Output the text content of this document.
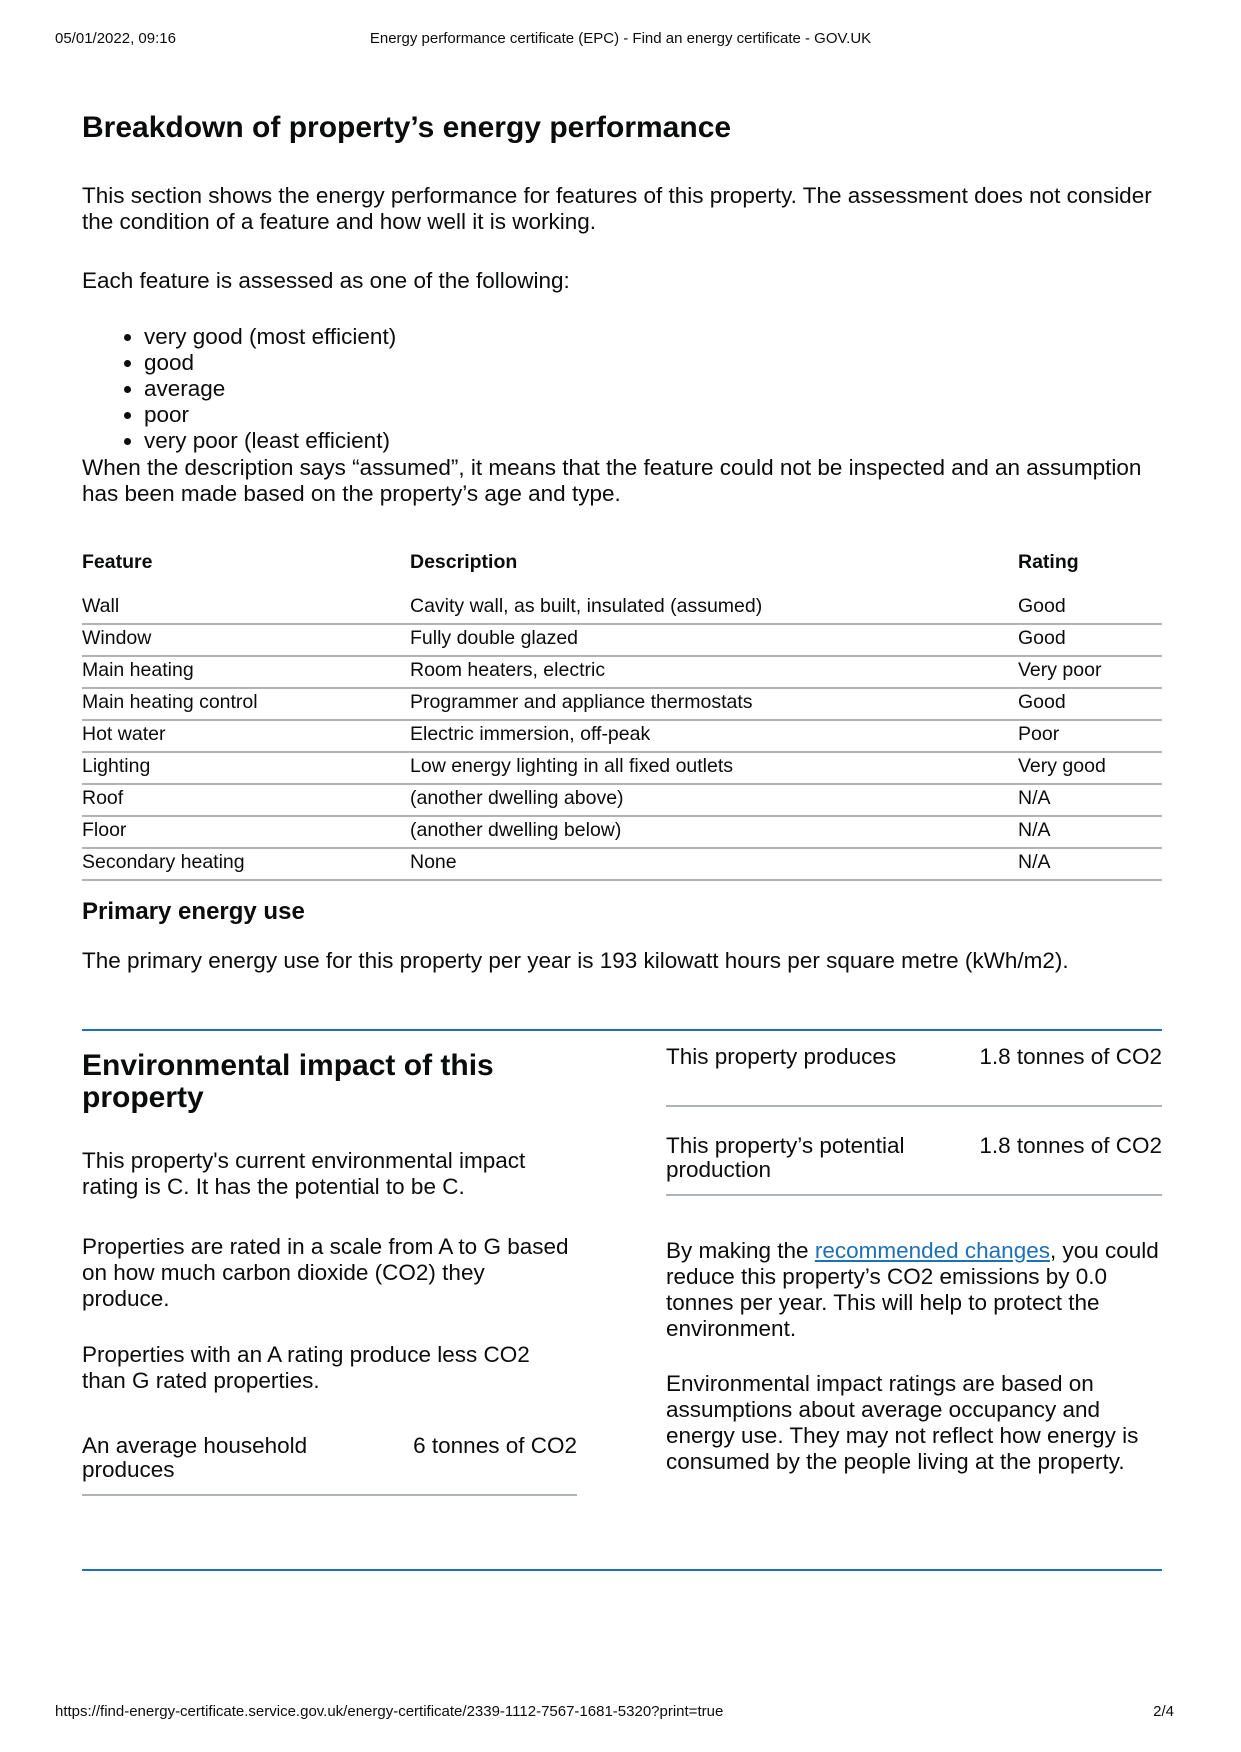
05/01/2022, 09:16	Energy performance certificate (EPC) - Find an energy certificate - GOV.UK
Breakdown of property’s energy performance

This section shows the energy performance for features of this property. The assessment does not consider the condition of a feature and how well it is working.

Each feature is assessed as one of the following:

• very good (most efficient)
• good
• average
• poor
• very poor (least efficient)

When the description says “assumed”, it means that the feature could not be inspected and an assumption has been made based on the property’s age and type.

Feature	Description	Rating
Wall	Cavity wall, as built, insulated (assumed)	Good
Window	Fully double glazed	Good
Main heating	Room heaters, electric	Very poor
Main heating control	Programmer and appliance thermostats	Good
Hot water	Electric immersion, off-peak	Poor
Lighting	Low energy lighting in all fixed outlets	Very good
Roof	(another dwelling above)	N/A
Floor	(another dwelling below)	N/A
Secondary heating	None	N/A
Primary energy use

The primary energy use for this property per year is 193 kilowatt hours per square metre (kWh/m2).

Environmental impact of this property

This property's current environmental impact rating is C. It has the potential to be C.

Properties are rated in a scale from A to G based on how much carbon dioxide (CO2) they produce.

Properties with an A rating produce less CO2 than G rated properties.

An average household produces
6 tonnes of CO2
This property produces	1.8 tonnes of CO2
This property’s potential production
1.8 tonnes of CO2

By making the recommended changes, you could reduce this property’s CO2 emissions by 0.0 tonnes per year. This will help to protect the environment.

Environmental impact ratings are based on assumptions about average occupancy and energy use. They may not reflect how energy is consumed by the people living at the property.

https://find-energy-certificate.service.gov.uk/energy-certificate/2339-1112-7567-1681-5320?print=true	2/4
